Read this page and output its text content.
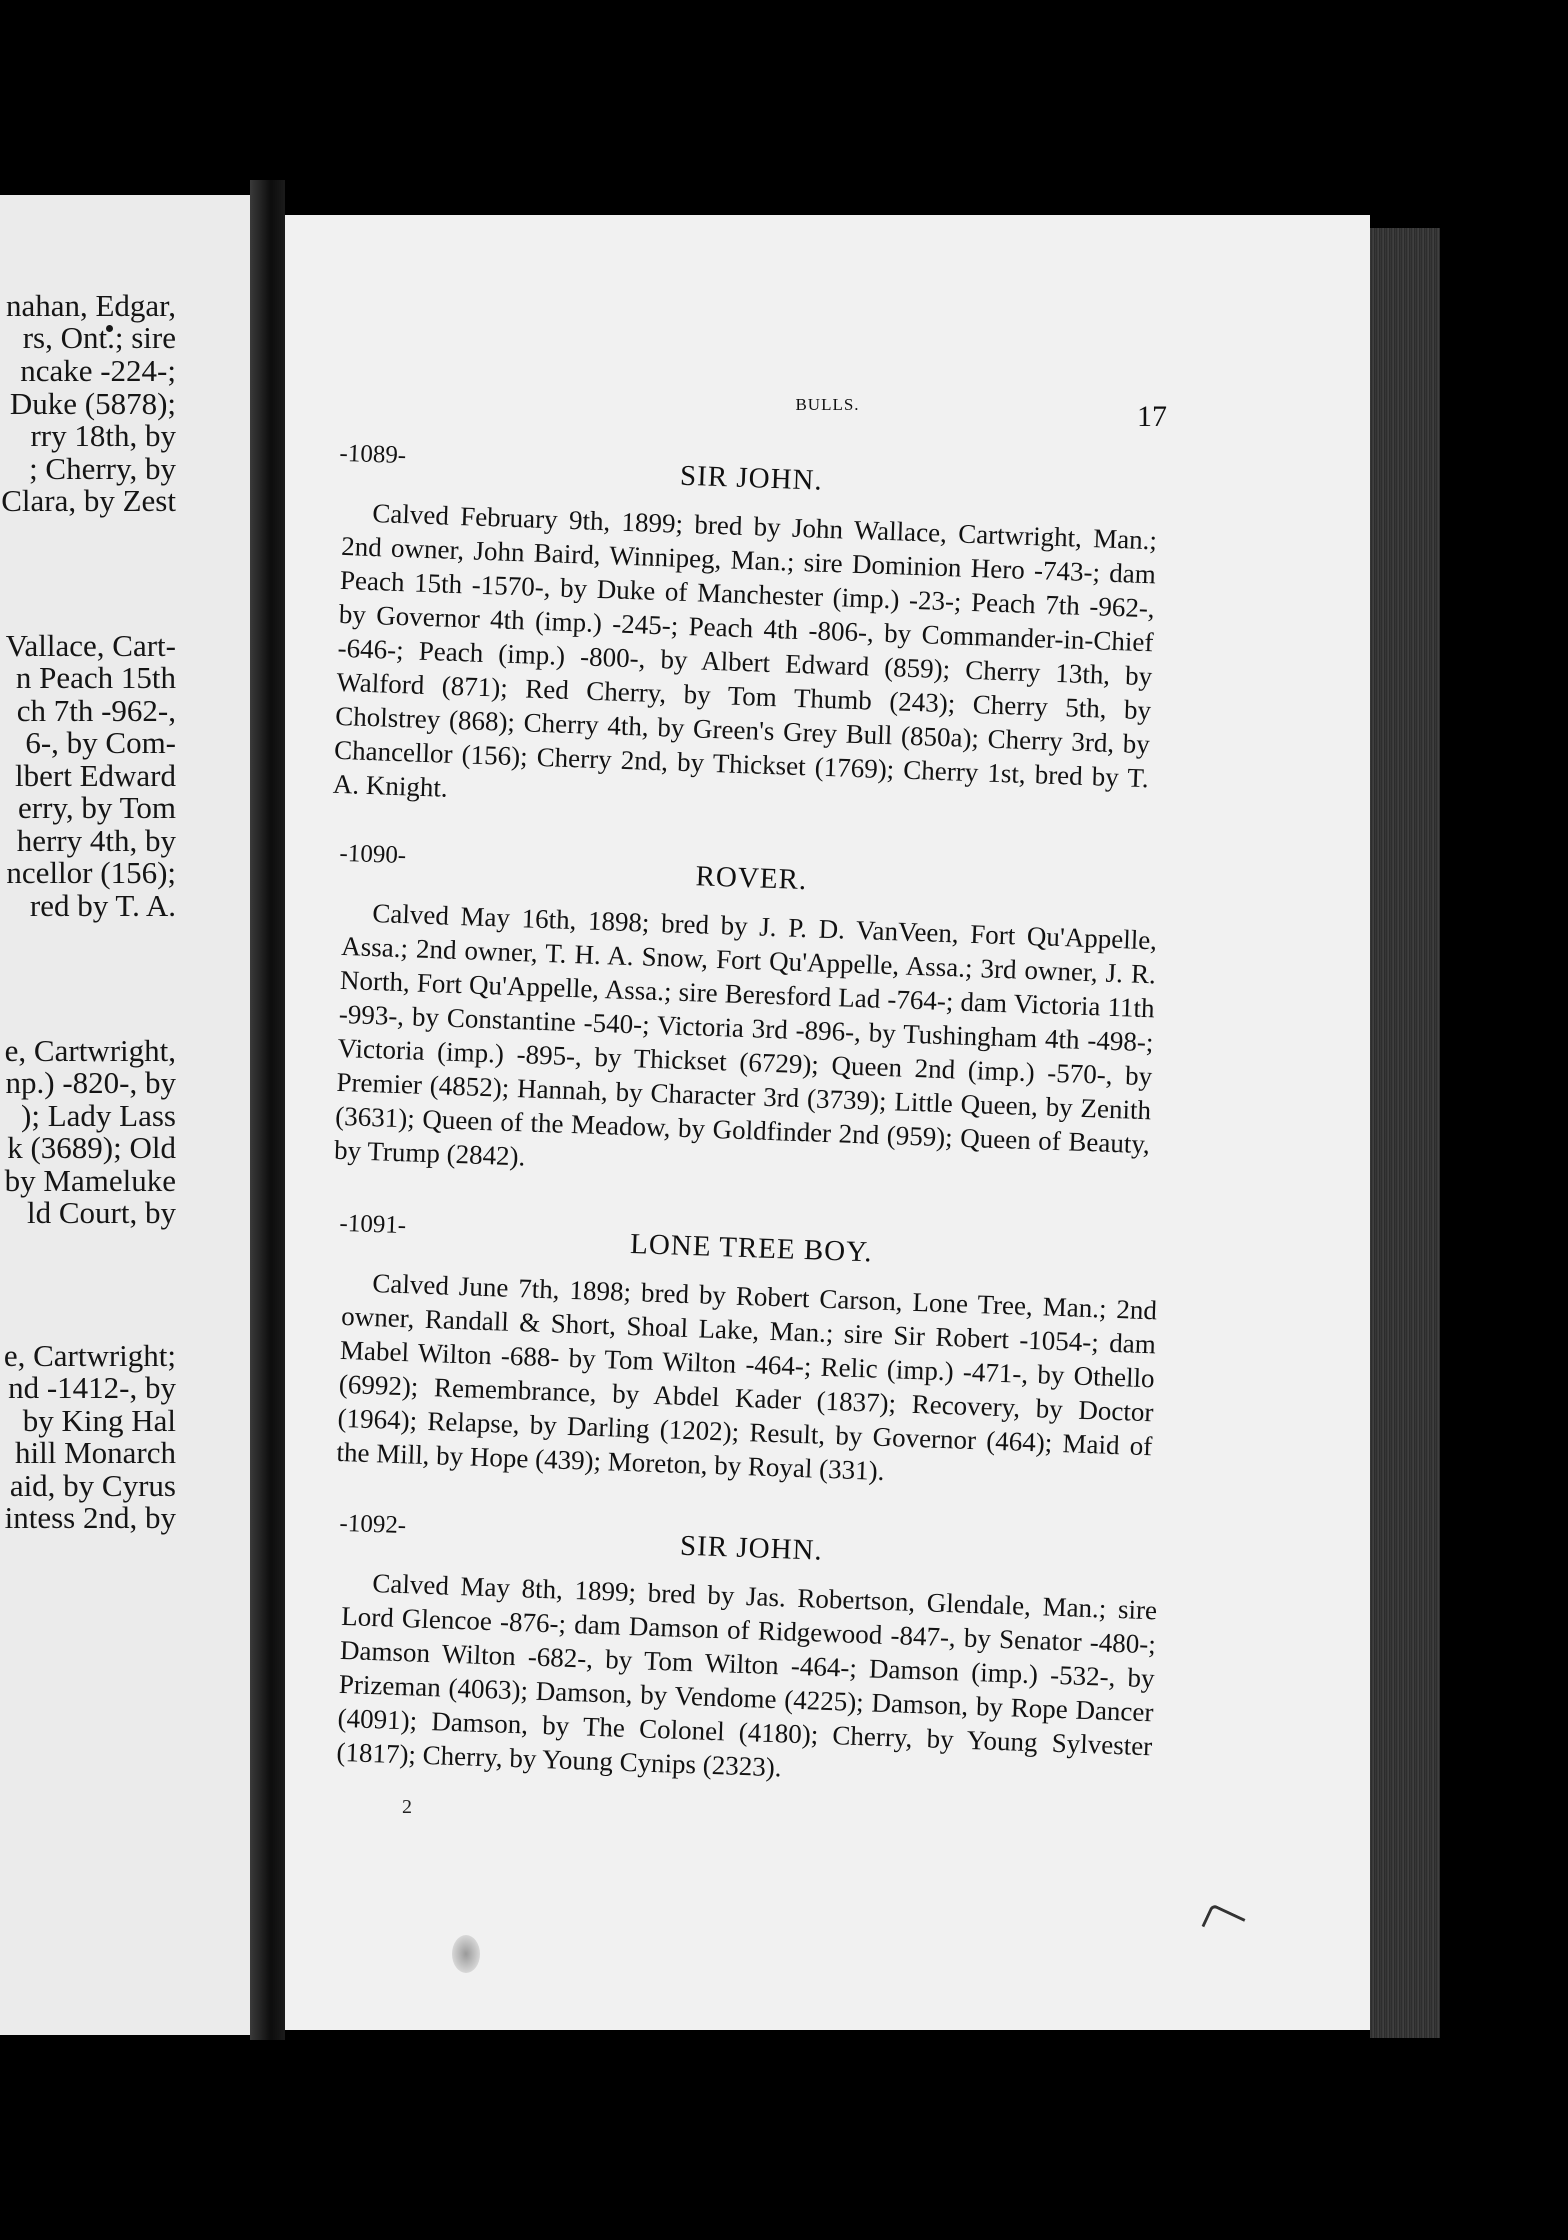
nahan, Edgar,
rs, Ont.; sire
ncake -224-;
Duke (5878);
rry 18th, by
; Cherry, by
Clara, by Zest
Vallace, Cart-
n Peach 15th
ch 7th -962-,
6-, by Com-
lbert Edward
erry, by Tom
herry 4th, by
ncellor (156);
red by T. A.
e, Cartwright,
np.) -820-, by
); Lady Lass
k (3689); Old
by Mameluke
ld Court, by
e, Cartwright;
nd -1412-, by
by King Hal
hill Monarch
aid, by Cyrus
intess 2nd, by
BULLS.	17
-1089-
SIR JOHN.
Calved February 9th, 1899; bred by John Wallace, Cartwright, Man.; 2nd owner, John Baird, Winnipeg, Man.; sire Dominion Hero -743-; dam Peach 15th -1570-, by Duke of Manchester (imp.) -23-; Peach 7th -962-, by Governor 4th (imp.) -245-; Peach 4th -806-, by Commander-in-Chief -646-; Peach (imp.) -800-, by Albert Edward (859); Cherry 13th, by Walford (871); Red Cherry, by Tom Thumb (243); Cherry 5th, by Cholstrey (868); Cherry 4th, by Green's Grey Bull (850a); Cherry 3rd, by Chancellor (156); Cherry 2nd, by Thickset (1769); Cherry 1st, bred by T. A. Knight.
-1090-
ROVER.
Calved May 16th, 1898; bred by J. P. D. VanVeen, Fort Qu'Appelle, Assa.; 2nd owner, T. H. A. Snow, Fort Qu'Appelle, Assa.; 3rd owner, J. R. North, Fort Qu'Appelle, Assa.; sire Beresford Lad -764-; dam Victoria 11th -993-, by Constantine -540-; Victoria 3rd -896-, by Tushingham 4th -498-; Victoria (imp.) -895-, by Thickset (6729); Queen 2nd (imp.) -570-, by Premier (4852); Hannah, by Character 3rd (3739); Little Queen, by Zenith (3631); Queen of the Meadow, by Goldfinder 2nd (959); Queen of Beauty, by Trump (2842).
-1091-
LONE TREE BOY.
Calved June 7th, 1898; bred by Robert Carson, Lone Tree, Man.; 2nd owner, Randall & Short, Shoal Lake, Man.; sire Sir Robert -1054-; dam Mabel Wilton -688- by Tom Wilton -464-; Relic (imp.) -471-, by Othello (6992); Remembrance, by Abdel Kader (1837); Recovery, by Doctor (1964); Relapse, by Darling (1202); Result, by Governor (464); Maid of the Mill, by Hope (439); Moreton, by Royal (331).
-1092-
SIR JOHN.
Calved May 8th, 1899; bred by Jas. Robertson, Glendale, Man.; sire Lord Glencoe -876-; dam Damson of Ridgewood -847-, by Senator -480-; Damson Wilton -682-, by Tom Wilton -464-; Damson (imp.) -532-, by Prizeman (4063); Damson, by Vendome (4225); Damson, by Rope Dancer (4091); Damson, by The Colonel (4180); Cherry, by Young Sylvester (1817); Cherry, by Young Cynips (2323).
2
